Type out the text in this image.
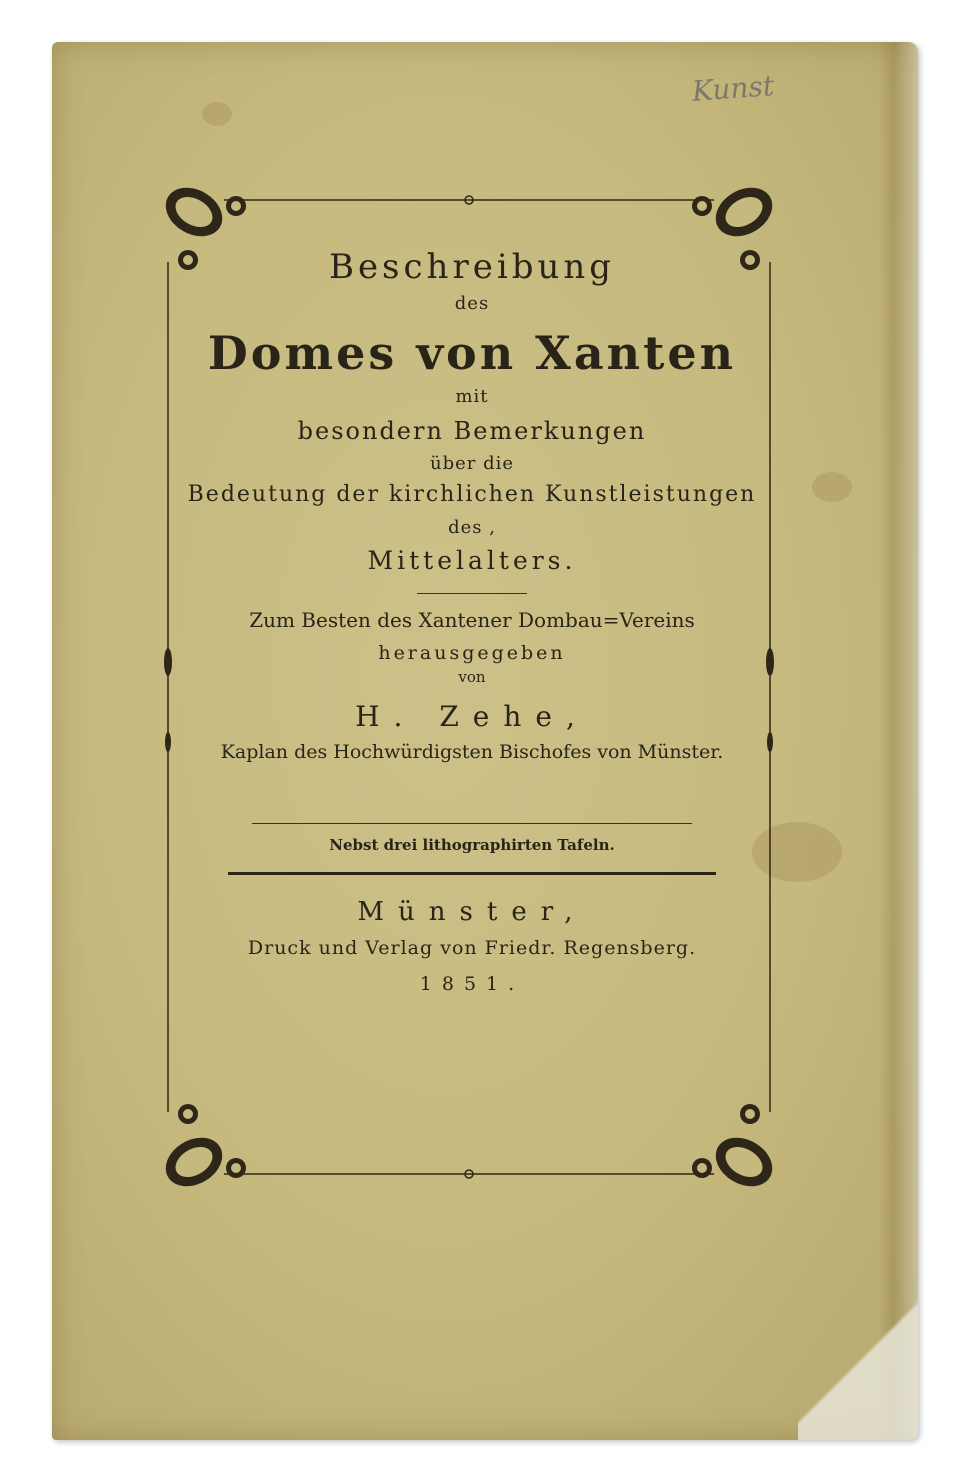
Kunst
Beschreibung
des
Domes von Xanten
mit
besondern Bemerkungen
über die
Bedeutung der kirchlichen Kunstleistungen
des ,
Mittelalters.
Zum Besten des Xantener Dombau=Vereins
herausgegeben
von
H. Zehe,
Kaplan des Hochwürdigsten Bischofes von Münster.
Nebst drei lithographirten Tafeln.
Münster,
Druck und Verlag von Friedr. Regensberg.
1851.
